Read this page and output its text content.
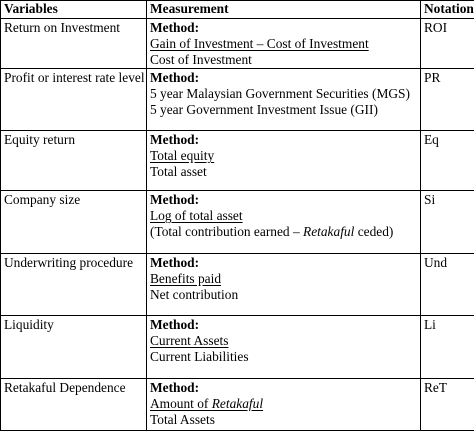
Variables	Measurement	Notation
Return on Investment	Method:
Gain of Investment – Cost of Investment
Cost of Investment	ROI
Profit or interest rate level	Method:
5 year Malaysian Government Securities (MGS)
5 year Government Investment Issue (GII)	PR
Equity return	Method:
Total equity
Total asset	Eq
Company size	Method:
Log of total asset
(Total contribution earned – Retakaful ceded)	Si
Underwriting procedure	Method:
Benefits paid
Net contribution	Und
Liquidity	Method:
Current Assets
Current Liabilities	Li
Retakaful Dependence	Method:
Amount of Retakaful
Total Assets	ReT
